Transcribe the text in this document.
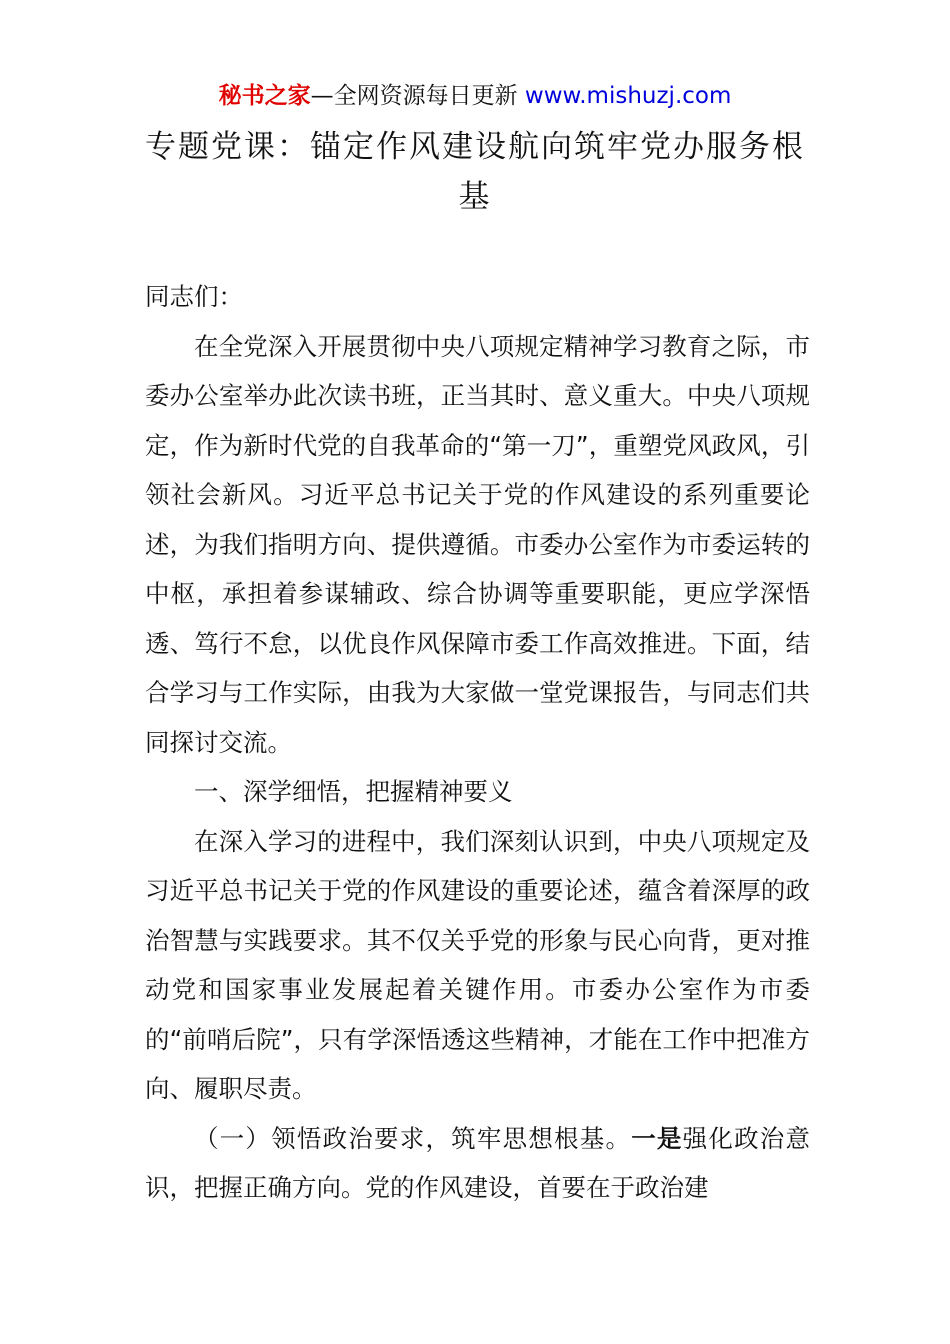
秘书之家—全网资源每日更新 www.mishuzj.com
专题党课：锚定作风建设航向筑牢党办服务根基

同志们：

在全党深入开展贯彻中央八项规定精神学习教育之际，市委办公室举办此次读书班，正当其时、意义重大。中央八项规定，作为新时代党的自我革命的“第一刀”，重塑党风政风，引领社会新风。习近平总书记关于党的作风建设的系列重要论述，为我们指明方向、提供遵循。市委办公室作为市委运转的中枢，承担着参谋辅政、综合协调等重要职能，更应学深悟透、笃行不怠，以优良作风保障市委工作高效推进。下面，结合学习与工作实际，由我为大家做一堂党课报告，与同志们共同探讨交流。

一、深学细悟，把握精神要义

在深入学习的进程中，我们深刻认识到，中央八项规定及习近平总书记关于党的作风建设的重要论述，蕴含着深厚的政治智慧与实践要求。其不仅关乎党的形象与民心向背，更对推动党和国家事业发展起着关键作用。市委办公室作为市委的“前哨后院”，只有学深悟透这些精神，才能在工作中把准方向、履职尽责。

（一）领悟政治要求，筑牢思想根基。一是强化政治意识，把握正确方向。党的作风建设，首要在于政治建
